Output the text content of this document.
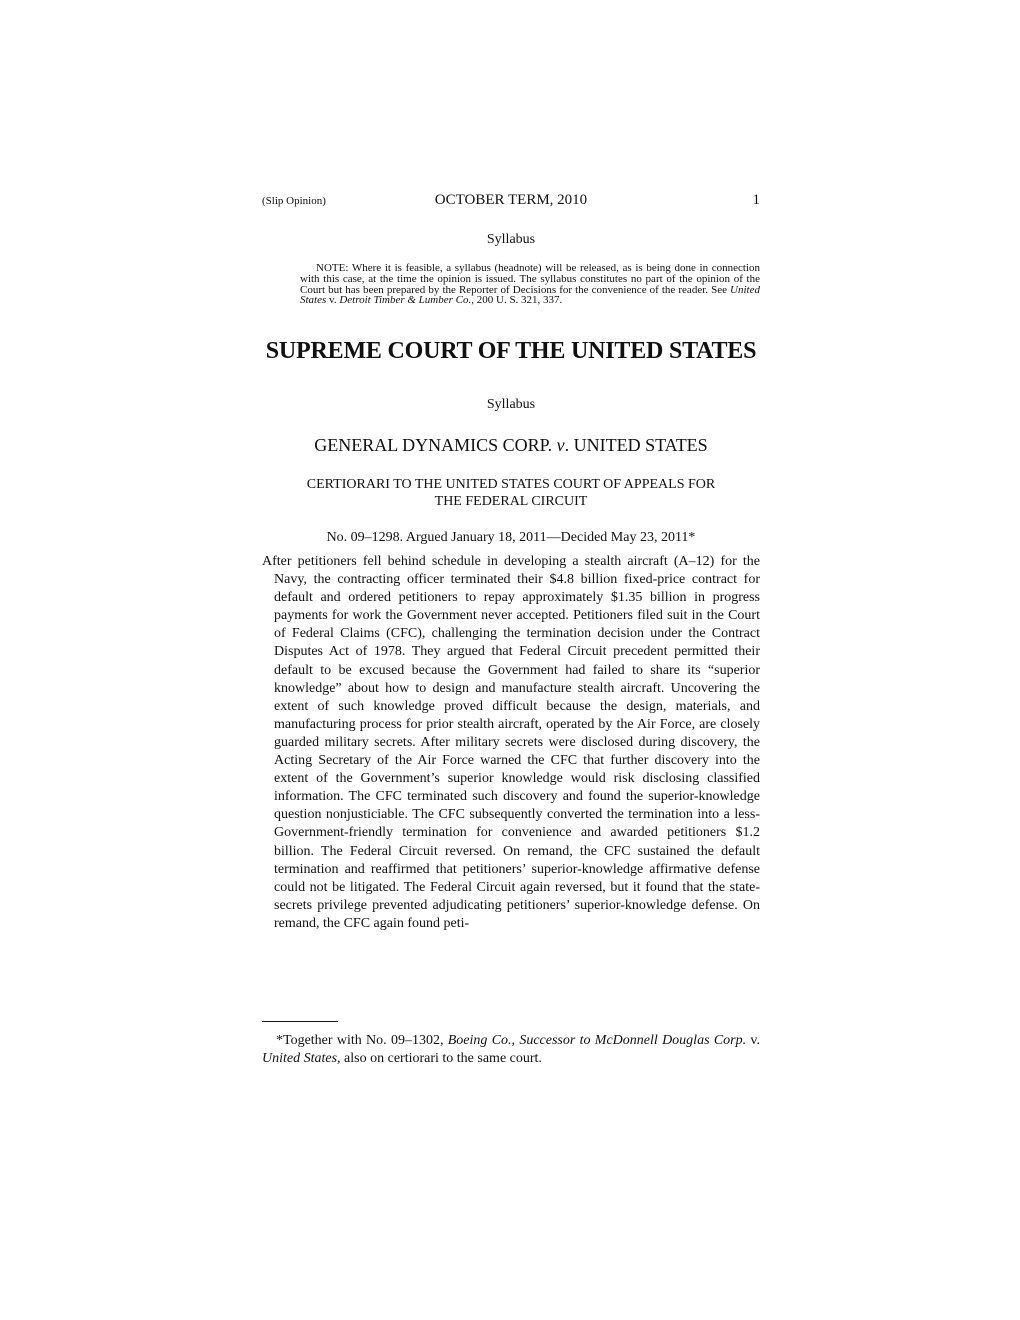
(Slip Opinion)	OCTOBER TERM, 2010	1
Syllabus
NOTE: Where it is feasible, a syllabus (headnote) will be released, as is being done in connection with this case, at the time the opinion is issued. The syllabus constitutes no part of the opinion of the Court but has been prepared by the Reporter of Decisions for the convenience of the reader. See United States v. Detroit Timber & Lumber Co., 200 U. S. 321, 337.
SUPREME COURT OF THE UNITED STATES
Syllabus
GENERAL DYNAMICS CORP. v. UNITED STATES
CERTIORARI TO THE UNITED STATES COURT OF APPEALS FOR
THE FEDERAL CIRCUIT
No. 09–1298. Argued January 18, 2011—Decided May 23, 2011*

After petitioners fell behind schedule in developing a stealth aircraft (A–12) for the Navy, the contracting officer terminated their $4.8 billion fixed-price contract for default and ordered petitioners to repay approximately $1.35 billion in progress payments for work the Government never accepted. Petitioners filed suit in the Court of Federal Claims (CFC), challenging the termination decision under the Contract Disputes Act of 1978. They argued that Federal Circuit precedent permitted their default to be excused because the Government had failed to share its “superior knowledge” about how to design and manufacture stealth aircraft. Uncovering the extent of such knowledge proved difficult because the design, materials, and manufacturing process for prior stealth aircraft, operated by the Air Force, are closely guarded military secrets. After military secrets were disclosed during discovery, the Acting Secretary of the Air Force warned the CFC that further discovery into the extent of the Government’s superior knowledge would risk disclosing classified information. The CFC terminated such discovery and found the superior-knowledge question nonjusticiable. The CFC subsequently converted the termination into a less-Government-friendly termination for convenience and awarded petitioners $1.2 billion. The Federal Circuit reversed. On remand, the CFC sustained the default termination and reaffirmed that petitioners’ superior-knowledge affirmative defense could not be litigated. The Federal Circuit again reversed, but it found that the state-secrets privilege prevented adjudicating petitioners’ superior-knowledge defense. On remand, the CFC again found peti-

*Together with No. 09–1302, Boeing Co., Successor to McDonnell Douglas Corp. v. United States, also on certiorari to the same court.
